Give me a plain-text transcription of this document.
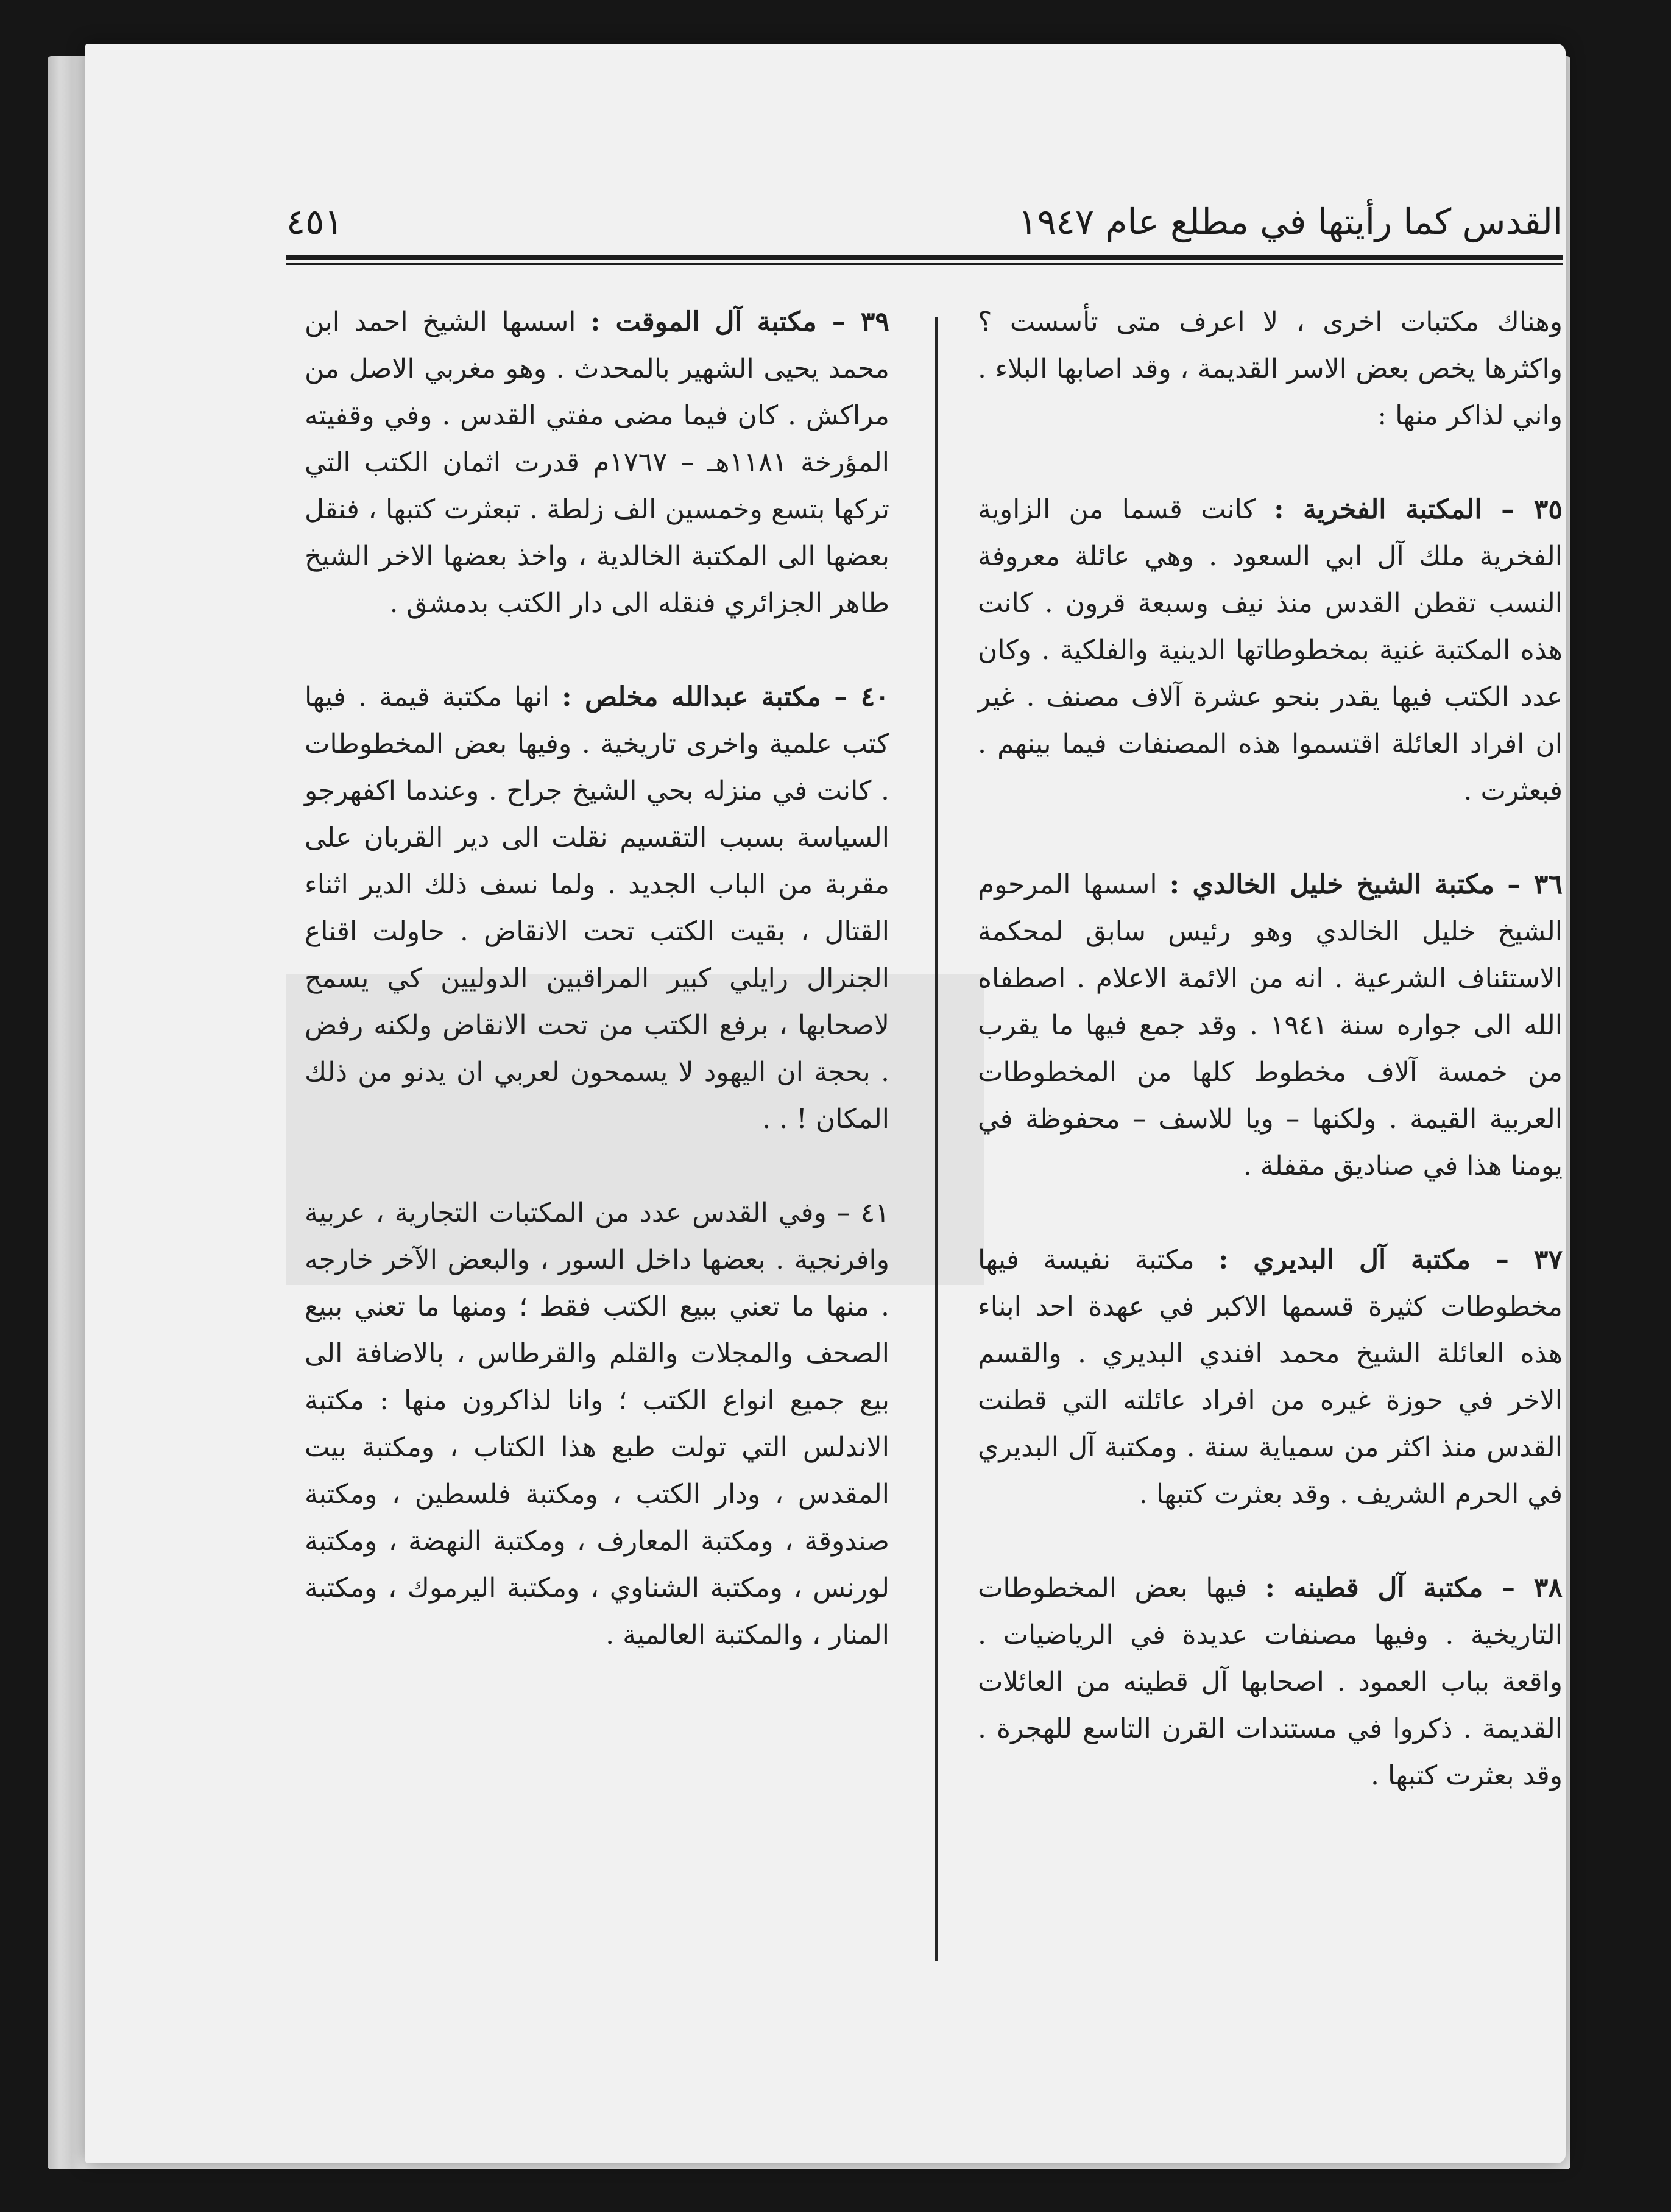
القدس كما رأيتها في مطلع عام ١٩٤٧
٤٥١

وهناك مكتبات اخرى ، لا اعرف متى تأسست ؟ واكثرها يخص بعض الاسر القديمة ، وقد اصابها البلاء . واني لذاكر منها :

٣٥ – المكتبة الفخرية : كانت قسما من الزاوية الفخرية ملك آل ابي السعود . وهي عائلة معروفة النسب تقطن القدس منذ نيف وسبعة قرون . كانت هذه المكتبة غنية بمخطوطاتها الدينية والفلكية . وكان عدد الكتب فيها يقدر بنحو عشرة آلاف مصنف . غير ان افراد العائلة اقتسموا هذه المصنفات فيما بينهم . فبعثرت .

٣٦ – مكتبة الشيخ خليل الخالدي : اسسها المرحوم الشيخ خليل الخالدي وهو رئيس سابق لمحكمة الاستئناف الشرعية . انه من الائمة الاعلام . اصطفاه الله الى جواره سنة ١٩٤١ . وقد جمع فيها ما يقرب من خمسة آلاف مخطوط كلها من المخطوطات العربية القيمة . ولكنها – ويا للاسف – محفوظة في يومنا هذا في صناديق مقفلة .

٣٧ – مكتبة آل البديري : مكتبة نفيسة فيها مخطوطات كثيرة قسمها الاكبر في عهدة احد ابناء هذه العائلة الشيخ محمد افندي البديري . والقسم الاخر في حوزة غيره من افراد عائلته التي قطنت القدس منذ اكثر من سمياية سنة . ومكتبة آل البديري في الحرم الشريف . وقد بعثرت كتبها .

٣٨ – مكتبة آل قطينه : فيها بعض المخطوطات التاريخية . وفيها مصنفات عديدة في الرياضيات . واقعة بباب العمود . اصحابها آل قطينه من العائلات القديمة . ذكروا في مستندات القرن التاسع للهجرة . وقد بعثرت كتبها .

٣٩ – مكتبة آل الموقت : اسسها الشيخ احمد ابن محمد يحيى الشهير بالمحدث . وهو مغربي الاصل من مراكش . كان فيما مضى مفتي القدس . وفي وقفيته المؤرخة ١١٨١هـ – ١٧٦٧م قدرت اثمان الكتب التي تركها بتسع وخمسين الف زلطة . تبعثرت كتبها ، فنقل بعضها الى المكتبة الخالدية ، واخذ بعضها الاخر الشيخ طاهر الجزائري فنقله الى دار الكتب بدمشق .

٤٠ – مكتبة عبدالله مخلص : انها مكتبة قيمة . فيها كتب علمية واخرى تاريخية . وفيها بعض المخطوطات . كانت في منزله بحي الشيخ جراح . وعندما اكفهرجو السياسة بسبب التقسيم نقلت الى دير القربان على مقربة من الباب الجديد . ولما نسف ذلك الدير اثناء القتال ، بقيت الكتب تحت الانقاض . حاولت اقناع الجنرال رايلي كبير المراقبين الدوليين كي يسمح لاصحابها ، برفع الكتب من تحت الانقاض ولكنه رفض . بحجة ان اليهود لا يسمحون لعربي ان يدنو من ذلك المكان ! . .

٤١ – وفي القدس عدد من المكتبات التجارية ، عربية وافرنجية . بعضها داخل السور ، والبعض الآخر خارجه . منها ما تعني ببيع الكتب فقط ؛ ومنها ما تعني ببيع الصحف والمجلات والقلم والقرطاس ، بالاضافة الى بيع جميع انواع الكتب ؛ وانا لذاكرون منها : مكتبة الاندلس التي تولت طبع هذا الكتاب ، ومكتبة بيت المقدس ، ودار الكتب ، ومكتبة فلسطين ، ومكتبة صندوقة ، ومكتبة المعارف ، ومكتبة النهضة ، ومكتبة لورنس ، ومكتبة الشناوي ، ومكتبة اليرموك ، ومكتبة المنار ، والمكتبة العالمية .
